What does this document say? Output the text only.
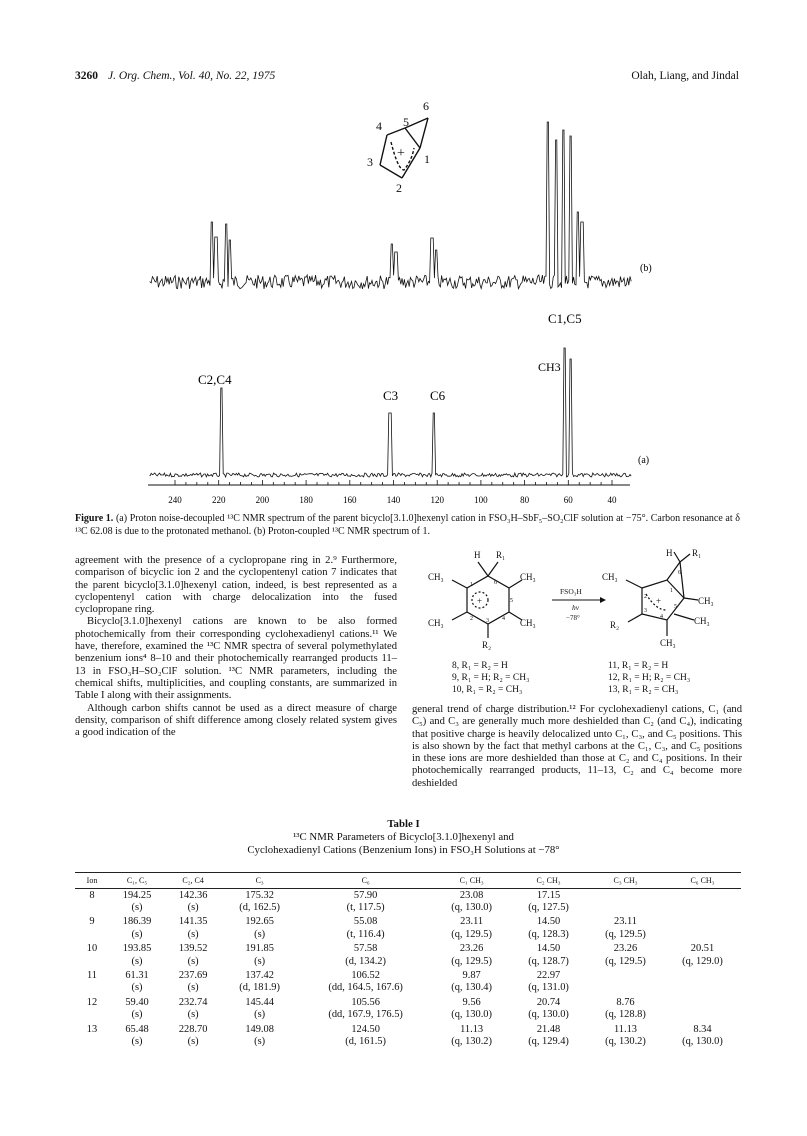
3260 J. Org. Chem., Vol. 40, No. 22, 1975	Olah, Liang, and Jindal
6
4 5
3	1
2
+
(b)
C1,C5
(a)
CH3
C2,C4
C3 C6
240	220	200	180	160	140	120	100	80	60	40
Figure 1. (a) Proton noise-decoupled ¹³C NMR spectrum of the parent bicyclo[3.1.0]hexenyl cation in FSO₃H–SbF₅–SO₂ClF solution at −75°. Carbon resonance at δ ¹³C 62.08 is due to the protonated methanol. (b) Proton-coupled ¹³C NMR spectrum of 1.

agreement with the presence of a cyclopropane ring in 2.⁹ Furthermore, comparison of bicyclic ion 2 and the cyclopentenyl cation 7 indicates that the parent bicyclo[3.1.0]hexenyl cation, indeed, is best represented as a cyclopentenyl cation with charge delocalization into the fused cyclopropane ring.

Bicyclo[3.1.0]hexenyl cations are known to be also formed photochemically from their corresponding cyclohexadienyl cations.¹¹ We have, therefore, examined the ¹³C NMR spectra of several polymethylated benzenium ions⁴ 8–10 and their photochemically rearranged products 11–13 in FSO₃H–SO₂ClF solution. ¹³C NMR parameters, including the chemical shifts, multiplicities, and coupling constants, are summarized in Table I along with their assignments.

Although carbon shifts cannot be used as a direct measure of charge density, comparison of shift difference among closely related system gives a good indication of the

H R₁
CH₃	CH₃
CH₃	CH₃
R₂
6
1
5
2	4
3
+
FSO₃H
hν
−78°
H R₁
CH₃
CH₃
R₂	CH₃
CH₃
6
1
2
3
4
5
+
8, R₁ = R₂ = H
9, R₁ = H; R₂ = CH₃
10, R₁ = R₂ = CH₃
11, R₁ = R₂ = H
12, R₁ = H; R₂ = CH₃
13, R₁ = R₂ = CH₃

general trend of charge distribution.¹² For cyclohexadienyl cations, C₁ (and C₅) and C₃ are generally much more deshielded than C₂ (and C₄), indicating that positive charge is heavily delocalized unto C₁, C₃, and C₅ positions. This is also shown by the fact that methyl carbons at the C₁, C₃, and C₅ positions in these ions are more deshielded than those at C₂ and C₄ positions. In their photochemically rearranged products, 11–13, C₂ and C₄ become more deshielded

Table I
¹³C NMR Parameters of Bicyclo[3.1.0]hexenyl and
Cyclohexadienyl Cations (Benzenium Ions) in FSO₃H Solutions at −78°
Ion	C₁, C₅	C₂, C4	C₃	C₆	C₁ CH₃	C₂ CH₃	C₃ CH₃	C₆ CH₃
8	194.25	142.36	175.32	57.90	23.08	17.15		
	(s)	(s)	(d, 162.5)	(t, 117.5)	(q, 130.0)	(q, 127.5)		
9	186.39	141.35	192.65	55.08	23.11	14.50	23.11	
	(s)	(s)	(s)	(t, 116.4)	(q, 129.5)	(q, 128.3)	(q, 129.5)	
10	193.85	139.52	191.85	57.58	23.26	14.50	23.26	20.51
	(s)	(s)	(s)	(d, 134.2)	(q, 129.5)	(q, 128.7)	(q, 129.5)	(q, 129.0)
11	61.31	237.69	137.42	106.52	9.87	22.97		
	(s)	(s)	(d, 181.9)	(dd, 164.5, 167.6)	(q, 130.4)	(q, 131.0)		
12	59.40	232.74	145.44	105.56	9.56	20.74	8.76	
	(s)	(s)	(s)	(dd, 167.9, 176.5)	(q, 130.0)	(q, 130.0)	(q, 128.8)	
13	65.48	228.70	149.08	124.50	11.13	21.48	11.13	8.34
	(s)	(s)	(s)	(d, 161.5)	(q, 130.2)	(q, 129.4)	(q, 130.2)	(q, 130.0)
